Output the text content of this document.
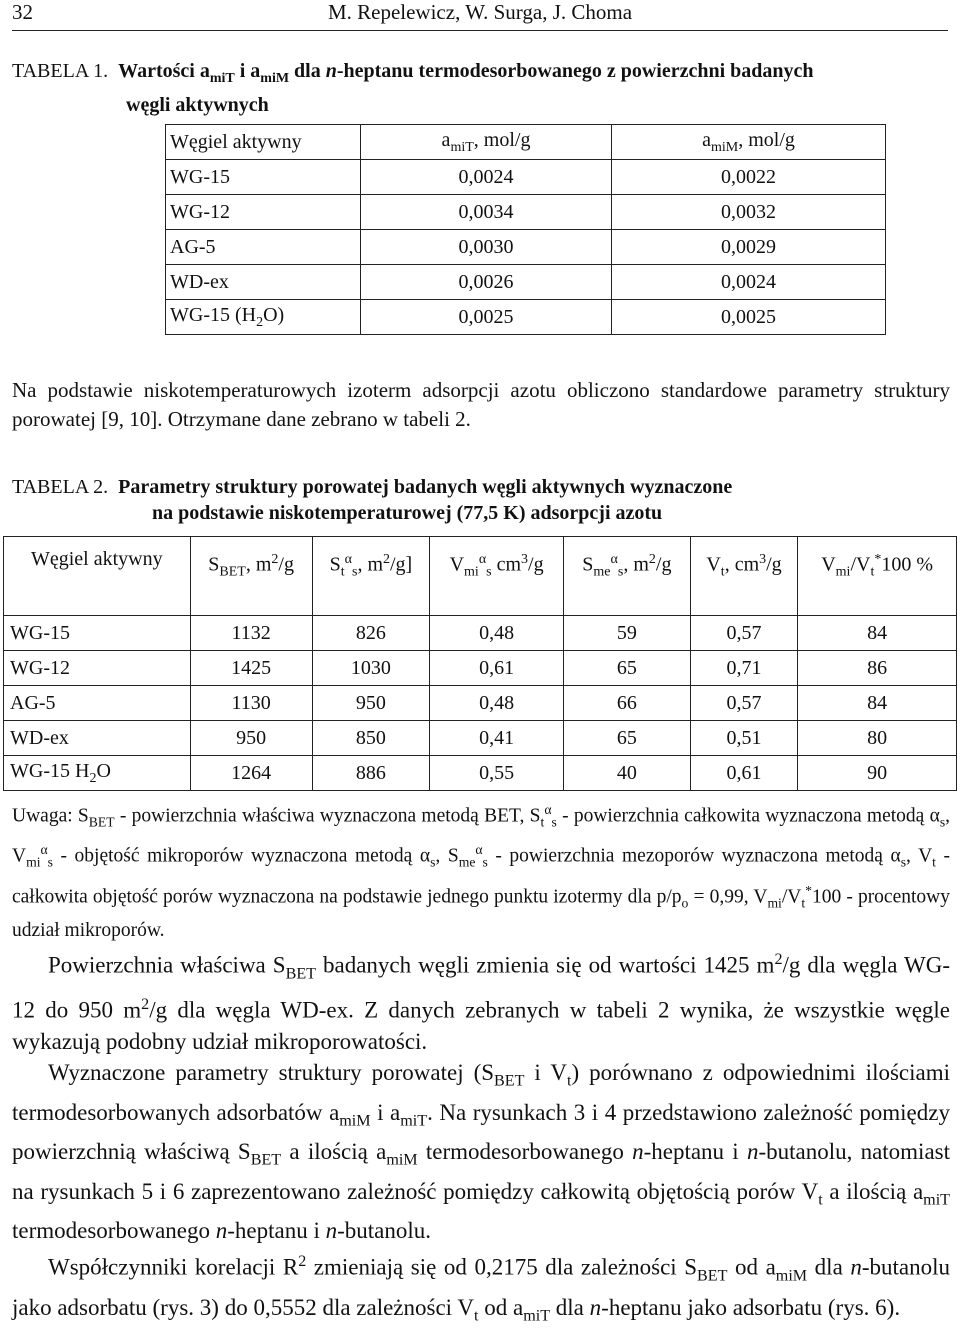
32	M. Repelewicz, W. Surga, J. Choma
TABELA 1. Wartości $a_{miT}$ i $a_{miM}$ dla n-heptanu termodesorbowanego z powierzchni badanych
węgli aktywnych
Węgiel aktywny	$a_{miT}$, mol/g	$a_{miM}$, mol/g
WG-15	0,0024	0,0022
WG-12	0,0034	0,0032
AG-5	0,0030	0,0029
WD-ex	0,0026	0,0024
WG-15 $(H_2O)$	0,0025	0,0025
Na podstawie niskotemperaturowych izoterm adsorpcji azotu obliczono standardowe parametry struktury porowatej [9, 10]. Otrzymane dane zebrano w tabeli 2.
TABELA 2. Parametry struktury porowatej badanych węgli aktywnych wyznaczone
na podstawie niskotemperaturowej (77,5 K) adsorpcji azotu
Węgiel aktywny	$S_{BET}$, $m^2/g$	$S_t^\alpha_s$, $m^2/g$]	$V_{mi}^\alpha_s$ $cm^3/g$	$S_{me}^\alpha_s$, $m^2/g$	$V_t$, $cm^3/g$	$V_{mi}/V_t^*100$ %
WG-15	1132	826	0,48	59	0,57	84
WG-12	1425	1030	0,61	65	0,71	86
AG-5	1130	950	0,48	66	0,57	84
WD-ex	950	850	0,41	65	0,51	80
WG-15 $H_2O$	1264	886	0,55	40	0,61	90
Uwaga: $S_{BET}$ - powierzchnia właściwa wyznaczona metodą BET, $S_t^\alpha_s$ - powierzchnia całkowita wyznaczona metodą $\alpha_s$, $V_{mi}^\alpha_s$ - objętość mikroporów wyznaczona metodą $\alpha_s$, $S_{me}^\alpha_s$ - powierzchnia mezoporów wyznaczona metodą $\alpha_s$, $V_t$ - całkowita objętość porów wyznaczona na podstawie jednego punktu izotermy dla $p/p_o = 0,99$, $V_{mi}/V_t^*100$ - procentowy udział mikroporów.
Powierzchnia właściwa $S_{BET}$ badanych węgli zmienia się od wartości 1425 $m^2/g$ dla węgla WG-12 do 950 $m^2/g$ dla węgla WD-ex. Z danych zebranych w tabeli 2 wynika, że wszystkie węgle wykazują podobny udział mikroporowatości.
Wyznaczone parametry struktury porowatej ($S_{BET}$ i $V_t$) porównano z odpowiednimi ilościami termodesorbowanych adsorbatów $a_{miM}$ i $a_{miT}$. Na rysunkach 3 i 4 przedstawiono zależność pomiędzy powierzchnią właściwą $S_{BET}$ a ilością $a_{miM}$ termodesorbowanego n-heptanu i n-butanolu, natomiast na rysunkach 5 i 6 zaprezentowano zależność pomiędzy całkowitą objętością porów $V_t$ a ilością $a_{miT}$ termodesorbowanego n-heptanu i n-butanolu.
Współczynniki korelacji $R^2$ zmieniają się od 0,2175 dla zależności $S_{BET}$ od $a_{miM}$ dla n-butanolu jako adsorbatu (rys. 3) do 0,5552 dla zależności $V_t$ od $a_{miT}$ dla n-heptanu jako adsorbatu (rys. 6).
